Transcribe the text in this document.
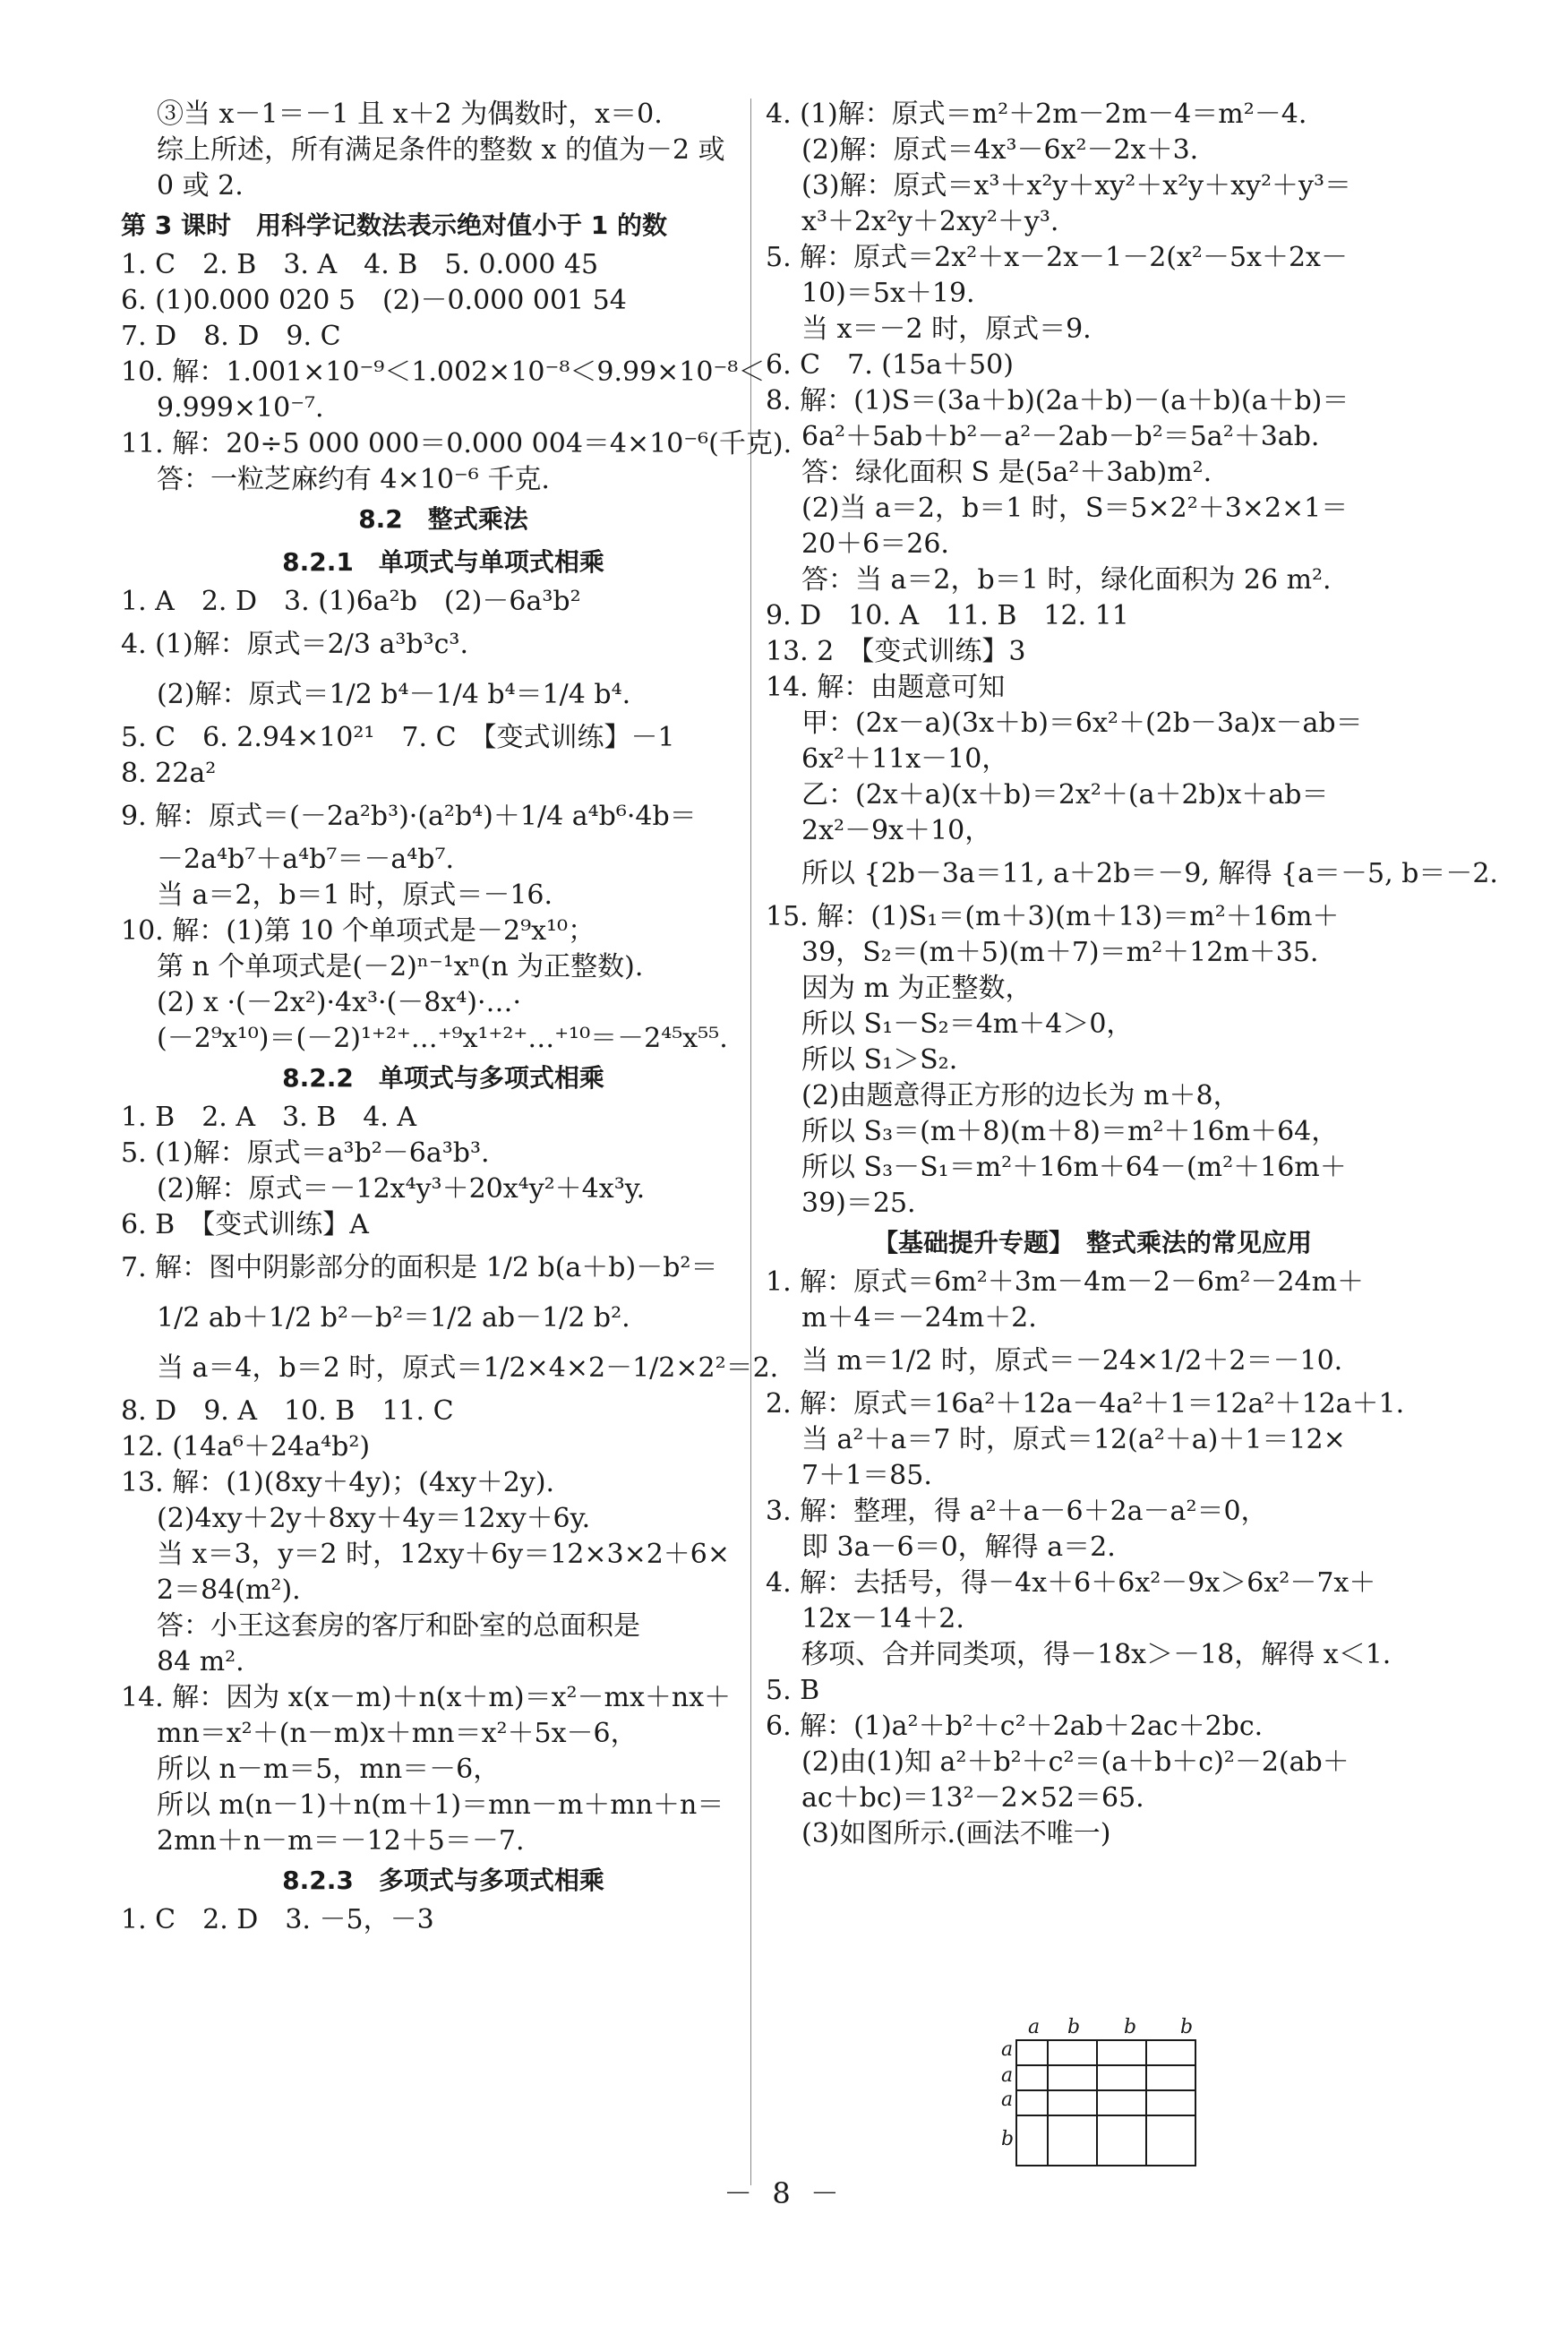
③当 x－1＝－1 且 x＋2 为偶数时，x＝0.
综上所述，所有满足条件的整数 x 的值为－2 或
0 或 2.
第 3 课时　用科学记数法表示绝对值小于 1 的数
1. C　2. B　3. A　4. B　5. 0.000 45
6. (1)0.000 020 5　(2)－0.000 001 54
7. D　8. D　9. C
10. 解：1.001×10⁻⁹＜1.002×10⁻⁸＜9.99×10⁻⁸＜
9.999×10⁻⁷.
11. 解：20÷5 000 000＝0.000 004＝4×10⁻⁶(千克).
答：一粒芝麻约有 4×10⁻⁶ 千克.
8.2　整式乘法
8.2.1　单项式与单项式相乘
1. A　2. D　3. (1)6a²b　(2)－6a³b²
4. (1)解：原式＝2/3 a³b³c³.
(2)解：原式＝1/2 b⁴－1/4 b⁴＝1/4 b⁴.
5. C　6. 2.94×10²¹　7. C　【变式训练】－1
8. 22a²
9. 解：原式＝(－2a²b³)·(a²b⁴)＋1/4 a⁴b⁶·4b＝
－2a⁴b⁷＋a⁴b⁷＝－a⁴b⁷.
当 a＝2，b＝1 时，原式＝－16.
10. 解：(1)第 10 个单项式是－2⁹x¹⁰；
第 n 个单项式是(－2)ⁿ⁻¹xⁿ(n 为正整数).
(2) x ·(－2x²)·4x³·(－8x⁴)·…·
(－2⁹x¹⁰)＝(－2)¹⁺²⁺…⁺⁹x¹⁺²⁺…⁺¹⁰＝－2⁴⁵x⁵⁵.
8.2.2　单项式与多项式相乘
1. B　2. A　3. B　4. A
5. (1)解：原式＝a³b²－6a³b³.
(2)解：原式＝－12x⁴y³＋20x⁴y²＋4x³y.
6. B　【变式训练】A
7. 解：图中阴影部分的面积是 1/2 b(a＋b)－b²＝
1/2 ab＋1/2 b²－b²＝1/2 ab－1/2 b².
当 a＝4，b＝2 时，原式＝1/2×4×2－1/2×2²＝2.
8. D　9. A　10. B　11. C
12. (14a⁶＋24a⁴b²)
13. 解：(1)(8xy＋4y)；(4xy＋2y).
(2)4xy＋2y＋8xy＋4y＝12xy＋6y.
当 x＝3，y＝2 时，12xy＋6y＝12×3×2＋6×
2＝84(m²).
答：小王这套房的客厅和卧室的总面积是
84 m².
14. 解：因为 x(x－m)＋n(x＋m)＝x²－mx＋nx＋
mn＝x²＋(n－m)x＋mn＝x²＋5x－6，
所以 n－m＝5，mn＝－6，
所以 m(n－1)＋n(m＋1)＝mn－m＋mn＋n＝
2mn＋n－m＝－12＋5＝－7.
8.2.3　多项式与多项式相乘
1. C　2. D　3. －5，－3
4. (1)解：原式＝m²＋2m－2m－4＝m²－4.
(2)解：原式＝4x³－6x²－2x＋3.
(3)解：原式＝x³＋x²y＋xy²＋x²y＋xy²＋y³＝
x³＋2x²y＋2xy²＋y³.
5. 解：原式＝2x²＋x－2x－1－2(x²－5x＋2x－
10)＝5x＋19.
当 x＝－2 时，原式＝9.
6. C　7. (15a＋50)
8. 解：(1)S＝(3a＋b)(2a＋b)－(a＋b)(a＋b)＝
6a²＋5ab＋b²－a²－2ab－b²＝5a²＋3ab.
答：绿化面积 S 是(5a²＋3ab)m².
(2)当 a＝2，b＝1 时，S＝5×2²＋3×2×1＝
20＋6＝26.
答：当 a＝2，b＝1 时，绿化面积为 26 m².
9. D　10. A　11. B　12. 11
13. 2　【变式训练】3
14. 解：由题意可知
甲：(2x－a)(3x＋b)＝6x²＋(2b－3a)x－ab＝
6x²＋11x－10，
乙：(2x＋a)(x＋b)＝2x²＋(a＋2b)x＋ab＝
2x²－9x＋10，
所以 {2b－3a＝11, a＋2b＝－9, 解得 {a＝－5, b＝－2.
15. 解：(1)S₁＝(m＋3)(m＋13)＝m²＋16m＋
39，S₂＝(m＋5)(m＋7)＝m²＋12m＋35.
因为 m 为正整数，
所以 S₁－S₂＝4m＋4＞0，
所以 S₁＞S₂.
(2)由题意得正方形的边长为 m＋8，
所以 S₃＝(m＋8)(m＋8)＝m²＋16m＋64，
所以 S₃－S₁＝m²＋16m＋64－(m²＋16m＋
39)＝25.
【基础提升专题】　整式乘法的常见应用
1. 解：原式＝6m²＋3m－4m－2－6m²－24m＋
m＋4＝－24m＋2.
当 m＝1/2 时，原式＝－24×1/2＋2＝－10.
2. 解：原式＝16a²＋12a－4a²＋1＝12a²＋12a＋1.
当 a²＋a＝7 时，原式＝12(a²＋a)＋1＝12×
7＋1＝85.
3. 解：整理，得 a²＋a－6＋2a－a²＝0，
即 3a－6＝0，解得 a＝2.
4. 解：去括号，得－4x＋6＋6x²－9x＞6x²－7x＋
12x－14＋2.
移项、合并同类项，得－18x＞－18，解得 x＜1.
5. B
6. 解：(1)a²＋b²＋c²＋2ab＋2ac＋2bc.
(2)由(1)知 a²＋b²＋c²＝(a＋b＋c)²－2(ab＋
ac＋bc)＝13²－2×52＝65.
(3)如图所示.(画法不唯一)
a b b b
a
a
a
b
－ 8 －
